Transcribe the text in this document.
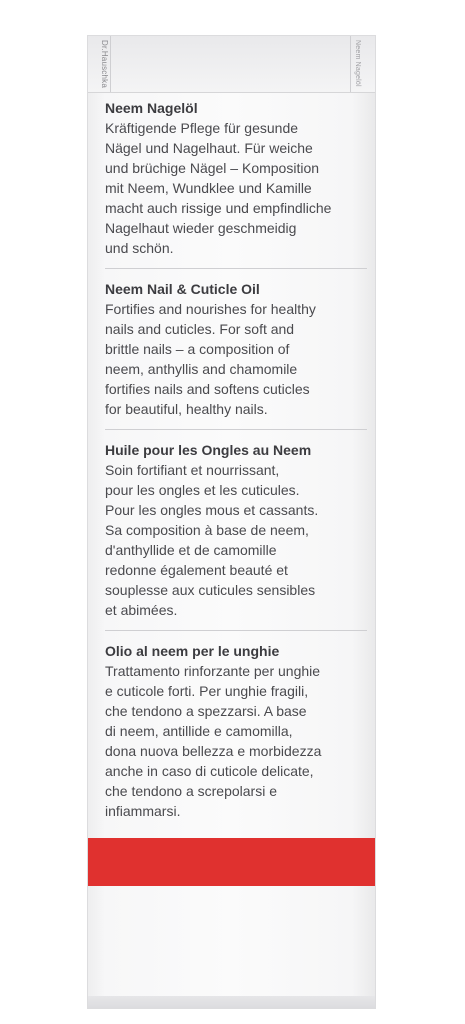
Dr.Hauschka	Neem Nagelöl
Neem Nagelöl

Kräftigende Pflege für gesunde
Nägel und Nagelhaut. Für weiche
und brüchige Nägel – Komposition
mit Neem, Wundklee und Kamille
macht auch rissige und empfindliche
Nagelhaut wieder geschmeidig
und schön.

Neem Nail & Cuticle Oil

Fortifies and nourishes for healthy
nails and cuticles. For soft and
brittle nails – a composition of
neem, anthyllis and chamomile
fortifies nails and softens cuticles
for beautiful, healthy nails.

Huile pour les Ongles au Neem

Soin fortifiant et nourrissant,
pour les ongles et les cuticules.
Pour les ongles mous et cassants.
Sa composition à base de neem,
d'anthyllide et de camomille
redonne également beauté et
souplesse aux cuticules sensibles
et abimées.

Olio al neem per le unghie

Trattamento rinforzante per unghie
e cuticole forti. Per unghie fragili,
che tendono a spezzarsi. A base
di neem, antillide e camomilla,
dona nuova bellezza e morbidezza
anche in caso di cuticole delicate,
che tendono a screpolarsi e
infiammarsi.
